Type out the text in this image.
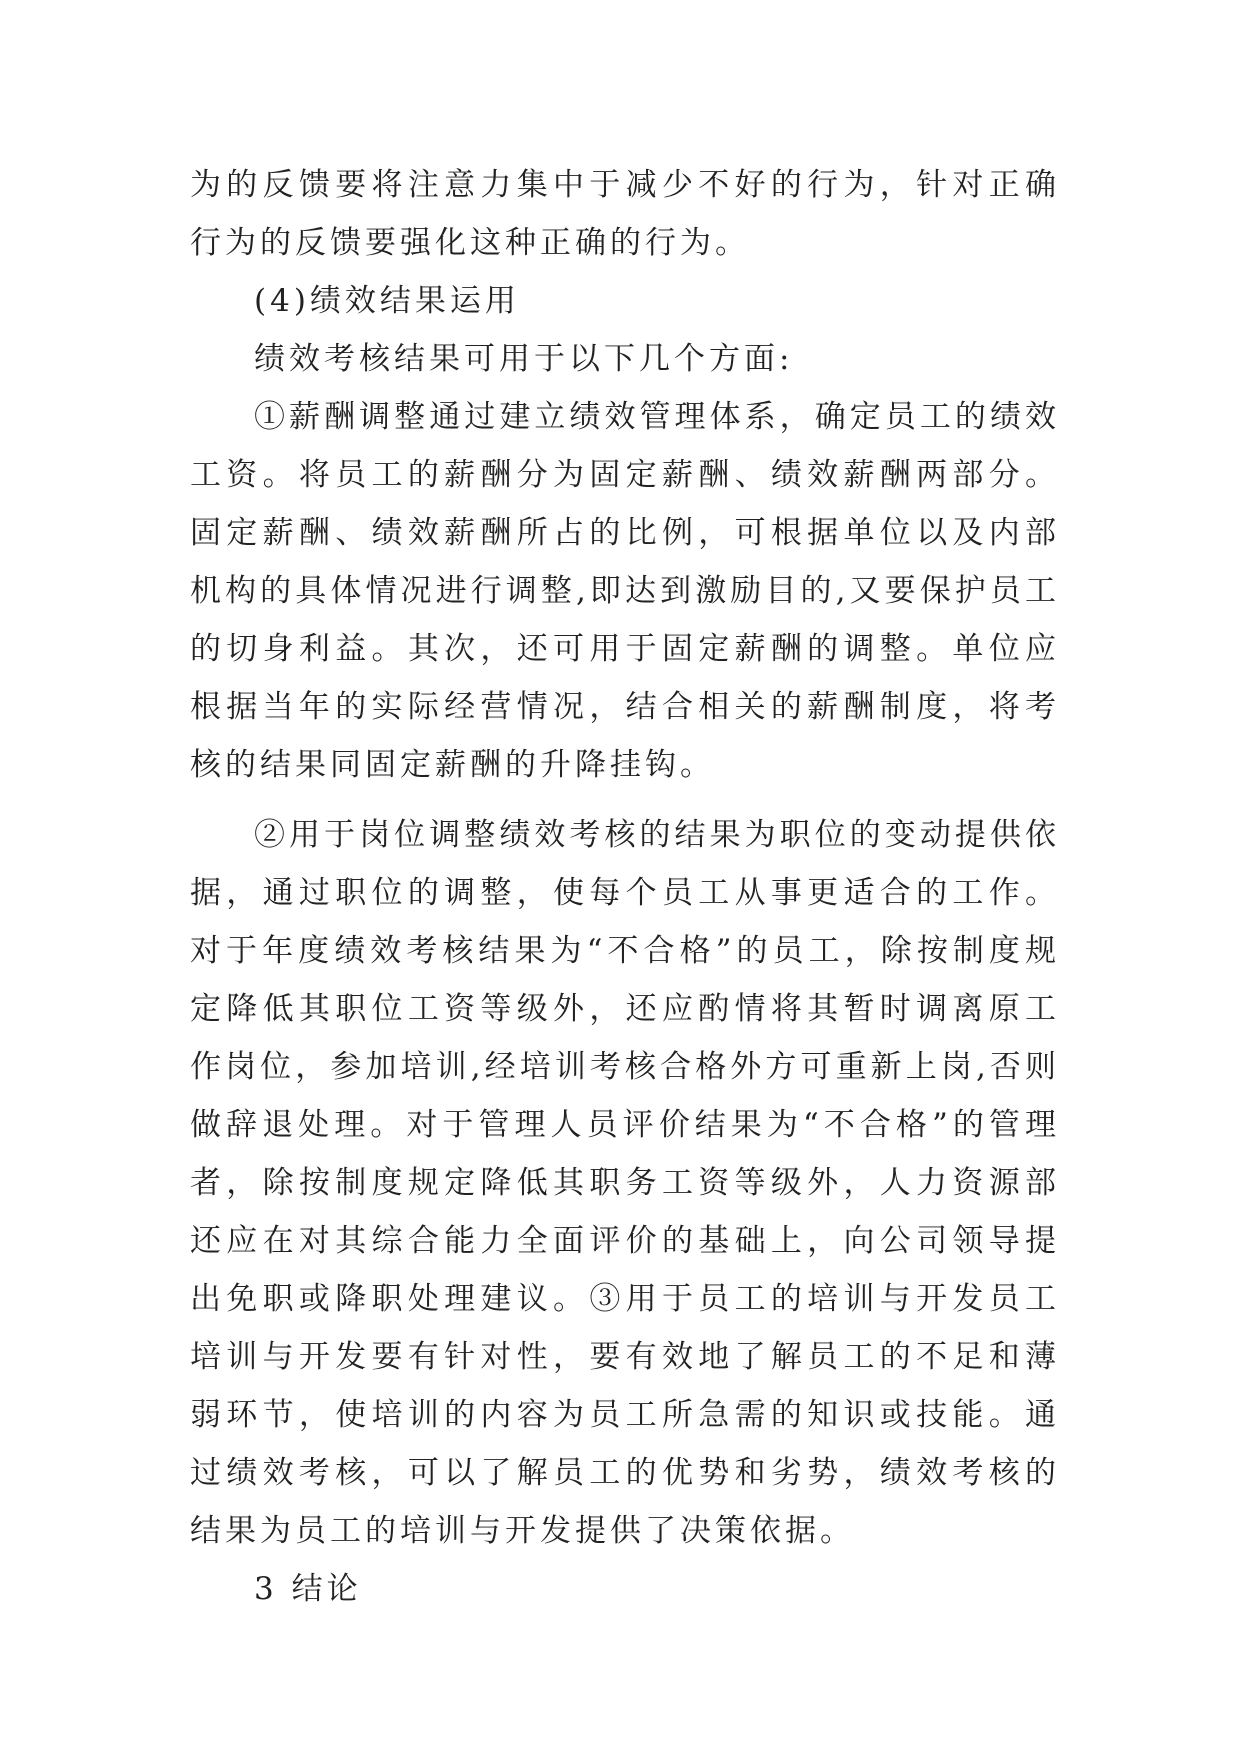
为的反馈要将注意力集中于减少不好的行为，针对正确行为的反馈要强化这种正确的行为。

(4)绩效结果运用

绩效考核结果可用于以下几个方面:

①薪酬调整通过建立绩效管理体系，确定员工的绩效工资。将员工的薪酬分为固定薪酬、绩效薪酬两部分。固定薪酬、绩效薪酬所占的比例，可根据单位以及内部机构的具体情况进行调整,即达到激励目的,又要保护员工的切身利益。其次，还可用于固定薪酬的调整。单位应根据当年的实际经营情况，结合相关的薪酬制度，将考核的结果同固定薪酬的升降挂钩。

②用于岗位调整绩效考核的结果为职位的变动提供依据，通过职位的调整，使每个员工从事更适合的工作。对于年度绩效考核结果为“不合格”的员工，除按制度规定降低其职位工资等级外，还应酌情将其暂时调离原工作岗位，参加培训,经培训考核合格外方可重新上岗,否则做辞退处理。对于管理人员评价结果为“不合格”的管理者，除按制度规定降低其职务工资等级外，人力资源部还应在对其综合能力全面评价的基础上，向公司领导提出免职或降职处理建议。③用于员工的培训与开发员工培训与开发要有针对性，要有效地了解员工的不足和薄弱环节，使培训的内容为员工所急需的知识或技能。通过绩效考核，可以了解员工的优势和劣势，绩效考核的结果为员工的培训与开发提供了决策依据。

3 结论
